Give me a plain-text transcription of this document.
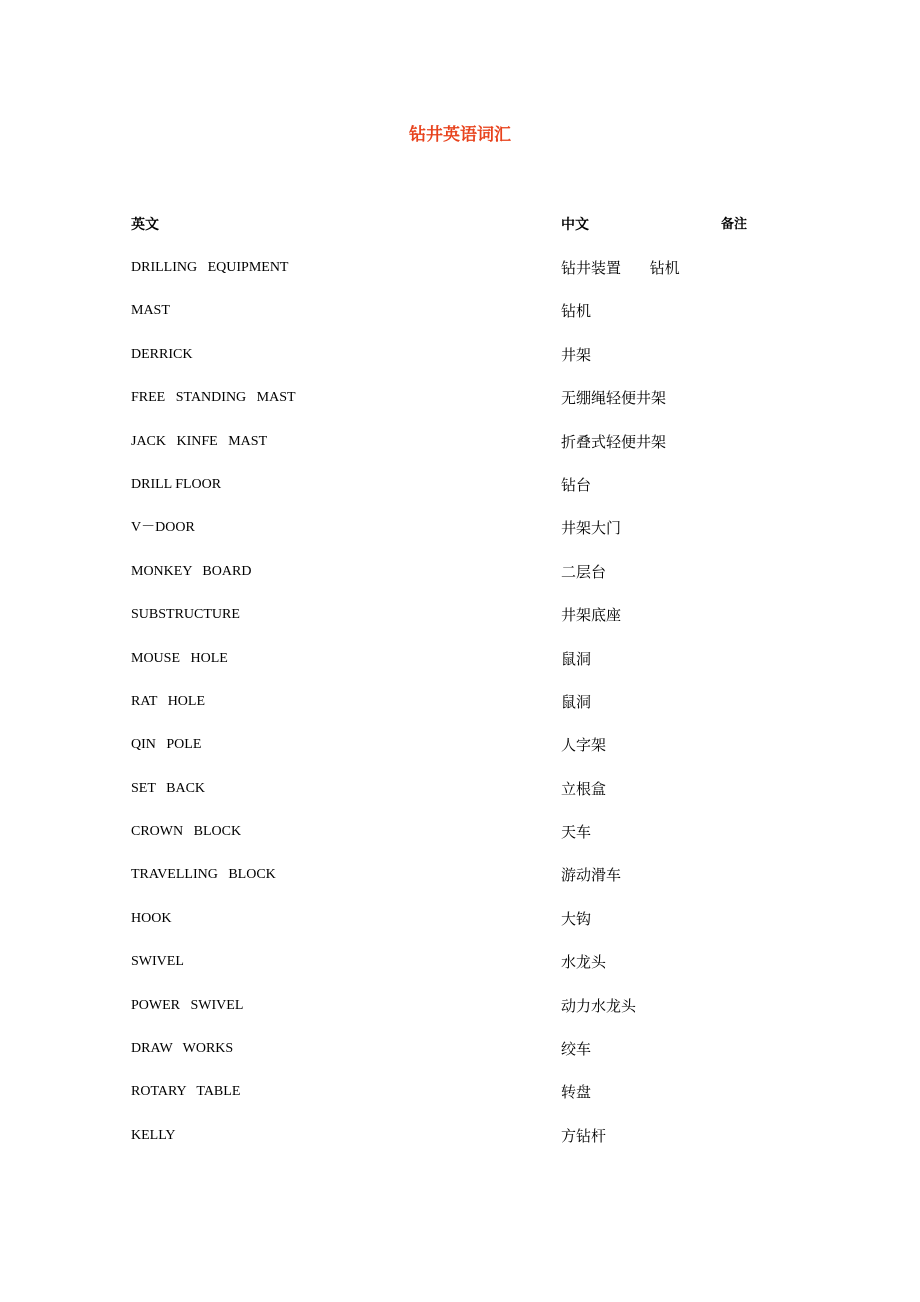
钻井英语词汇
英文	中文	备注
DRILLING   EQUIPMENT	钻井装置      钻机
MAST	钻机
DERRICK	井架
FREE   STANDING   MAST	无绷绳轻便井架
JACK   KINFE   MAST	折叠式轻便井架
DRILL FLOOR	钻台
V－DOOR	井架大门
MONKEY   BOARD	二层台
SUBSTRUCTURE	井架底座
MOUSE   HOLE	鼠洞
RAT   HOLE	鼠洞
QIN   POLE	人字架
SET   BACK	立根盒
CROWN   BLOCK	天车
TRAVELLING   BLOCK	游动滑车
HOOK	大钩
SWIVEL	水龙头
POWER   SWIVEL	动力水龙头
DRAW   WORKS	绞车
ROTARY   TABLE	转盘
KELLY	方钻杆
